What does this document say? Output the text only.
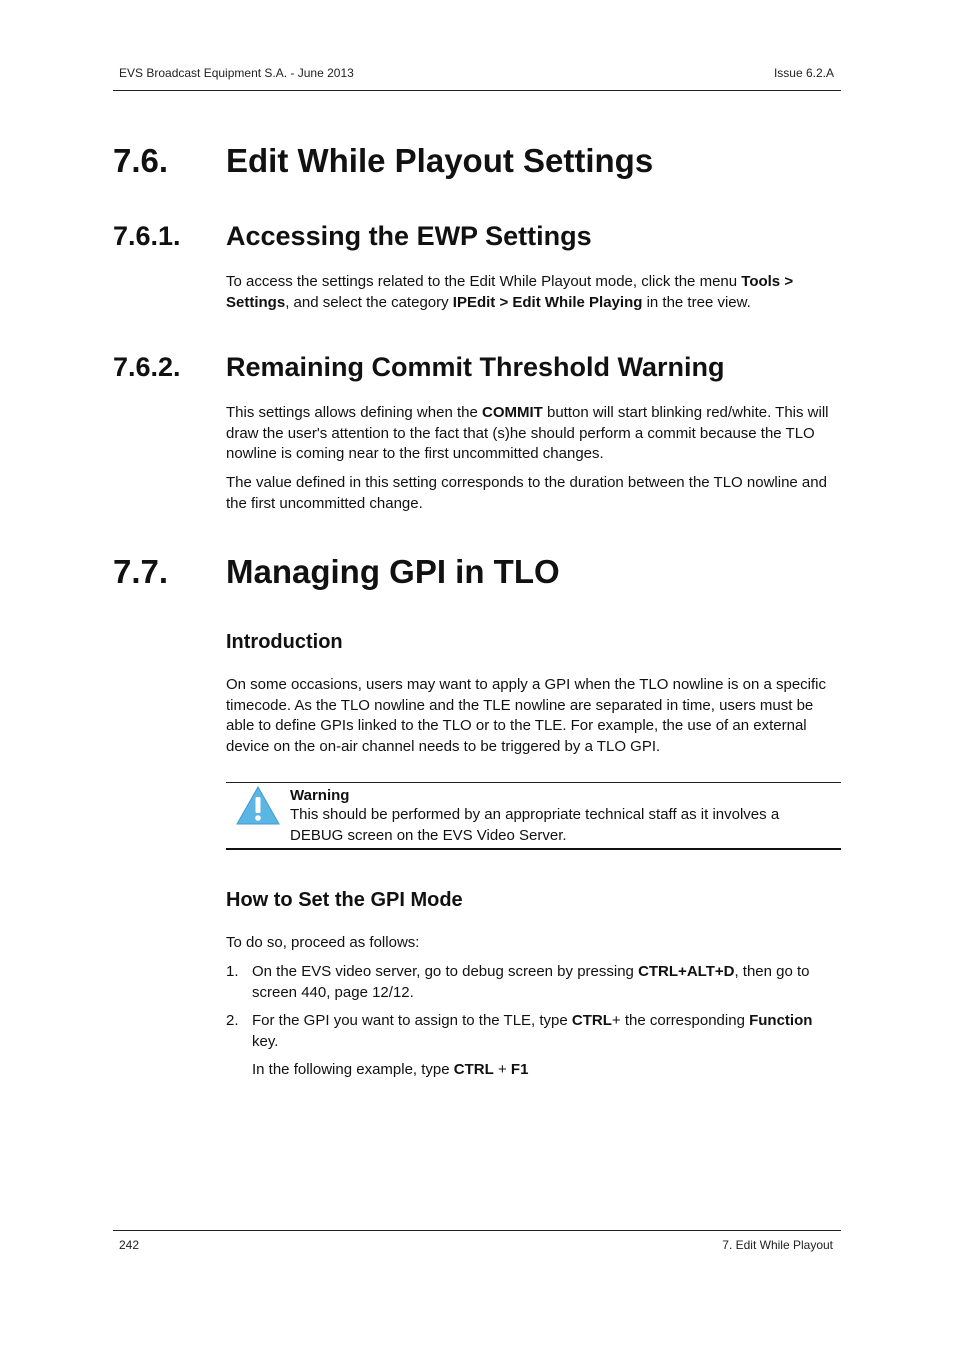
EVS Broadcast Equipment S.A. - June 2013	Issue 6.2.A
7.6. Edit While Playout Settings
7.6.1. Accessing the EWP Settings

To access the settings related to the Edit While Playout mode, click the menu Tools > Settings, and select the category IPEdit > Edit While Playing in the tree view.

7.6.2. Remaining Commit Threshold Warning

This settings allows defining when the COMMIT button will start blinking red/white. This will draw the user's attention to the fact that (s)he should perform a commit because the TLO nowline is coming near to the first uncommitted changes.

The value defined in this setting corresponds to the duration between the TLO nowline and the first uncommitted change.

7.7. Managing GPI in TLO
Introduction

On some occasions, users may want to apply a GPI when the TLO nowline is on a specific timecode. As the TLO nowline and the TLE nowline are separated in time, users must be able to define GPIs linked to the TLO or to the TLE. For example, the use of an external device on the on-air channel needs to be triggered by a TLO GPI.

Warning
This should be performed by an appropriate technical staff as it involves a DEBUG screen on the EVS Video Server.
How to Set the GPI Mode

To do so, proceed as follows:

1. On the EVS video server, go to debug screen by pressing CTRL+ALT+D, then go to screen 440, page 12/12.
2. For the GPI you want to assign to the TLE, type CTRL+ the corresponding Function key.
In the following example, type CTRL + F1
242	7. Edit While Playout
